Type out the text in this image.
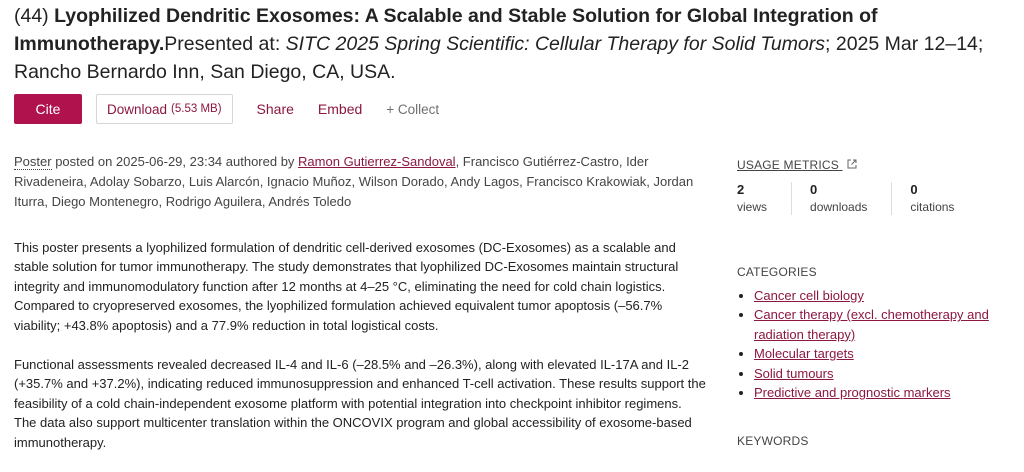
(44) Lyophilized Dendritic Exosomes: A Scalable and Stable Solution for Global Integration of Immunotherapy.Presented at: SITC 2025 Spring Scientific: Cellular Therapy for Solid Tumors; 2025 Mar 12–14; Rancho Bernardo Inn, San Diego, CA, USA.
Cite	Download (5.53 MB)	Share Embed + Collect
Poster posted on 2025-06-29, 23:34 authored by Ramon Gutierrez-Sandoval, Francisco Gutiérrez-Castro, Ider Rivadeneira, Adolay Sobarzo, Luis Alarcón, Ignacio Muñoz, Wilson Dorado, Andy Lagos, Francisco Krakowiak, Jordan Iturra, Diego Montenegro, Rodrigo Aguilera, Andrés Toledo

This poster presents a lyophilized formulation of dendritic cell-derived exosomes (DC-Exosomes) as a scalable and stable solution for tumor immunotherapy. The study demonstrates that lyophilized DC-Exosomes maintain structural integrity and immunomodulatory function after 12 months at 4–25 °C, eliminating the need for cold chain logistics. Compared to cryopreserved exosomes, the lyophilized formulation achieved equivalent tumor apoptosis (–56.7% viability; +43.8% apoptosis) and a 77.9% reduction in total logistical costs.

Functional assessments revealed decreased IL-4 and IL-6 (–28.5% and –26.3%), along with elevated IL-17A and IL-2 (+35.7% and +37.2%), indicating reduced immunosuppression and enhanced T-cell activation. These results support the feasibility of a cold chain-independent exosome platform with potential integration into checkpoint inhibitor regimens. The data also support multicenter translation within the ONCOVIX program and global accessibility of exosome-based immunotherapy.

USAGE METRICS
2
views
0
downloads
0
citations
CATEGORIES
• Cancer cell biology
• Cancer therapy (excl. chemotherapy and radiation therapy)
• Molecular targets
• Solid tumours
• Predictive and prognostic markers
KEYWORDS
